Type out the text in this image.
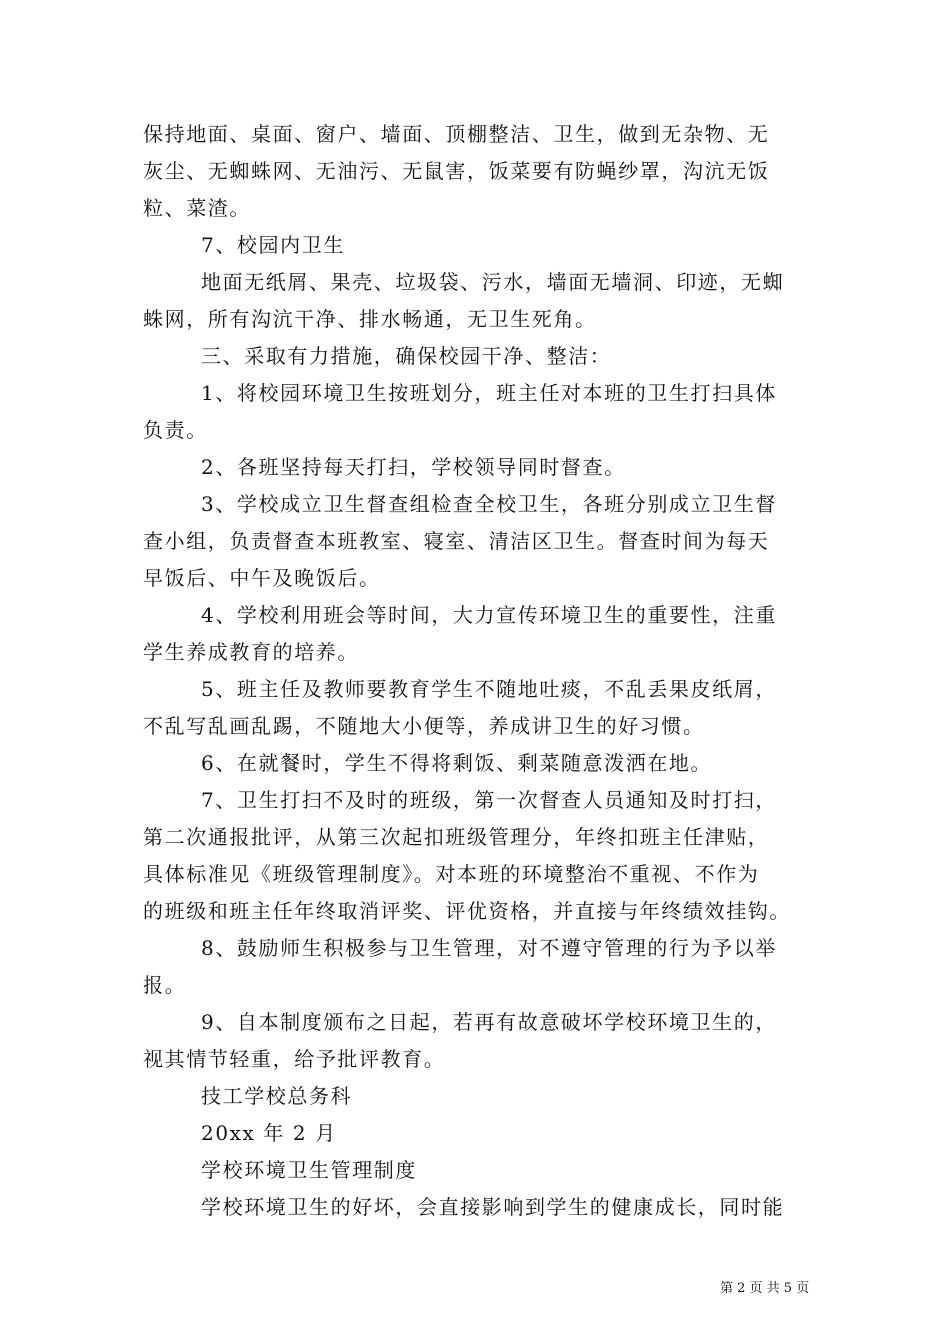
保持地面、桌面、窗户、墙面、顶棚整洁、卫生，做到无杂物、无
灰尘、无蜘蛛网、无油污、无鼠害，饭菜要有防蝇纱罩，沟沆无饭
粒、菜渣。
7、校园内卫生
地面无纸屑、果壳、垃圾袋、污水，墙面无墙洞、印迹，无蜘
蛛网，所有沟沆干净、排水畅通，无卫生死角。
三、采取有力措施，确保校园干净、整洁：
1、将校园环境卫生按班划分，班主任对本班的卫生打扫具体
负责。
2、各班坚持每天打扫，学校领导同时督查。
3、学校成立卫生督查组检查全校卫生，各班分别成立卫生督
查小组，负责督查本班教室、寝室、清洁区卫生。督查时间为每天
早饭后、中午及晚饭后。
4、学校利用班会等时间，大力宣传环境卫生的重要性，注重
学生养成教育的培养。
5、班主任及教师要教育学生不随地吐痰，不乱丢果皮纸屑，
不乱写乱画乱踢，不随地大小便等，养成讲卫生的好习惯。
6、在就餐时，学生不得将剩饭、剩菜随意泼洒在地。
7、卫生打扫不及时的班级，第一次督查人员通知及时打扫，
第二次通报批评，从第三次起扣班级管理分，年终扣班主任津贴，
具体标准见《班级管理制度》。对本班的环境整治不重视、不作为
的班级和班主任年终取消评奖、评优资格，并直接与年终绩效挂钩。
8、鼓励师生积极参与卫生管理，对不遵守管理的行为予以举
报。
9、自本制度颁布之日起，若再有故意破坏学校环境卫生的，
视其情节轻重，给予批评教育。
技工学校总务科
20xx 年 2 月
学校环境卫生管理制度
学校环境卫生的好坏，会直接影响到学生的健康成长，同时能
第 2 页 共 5 页
